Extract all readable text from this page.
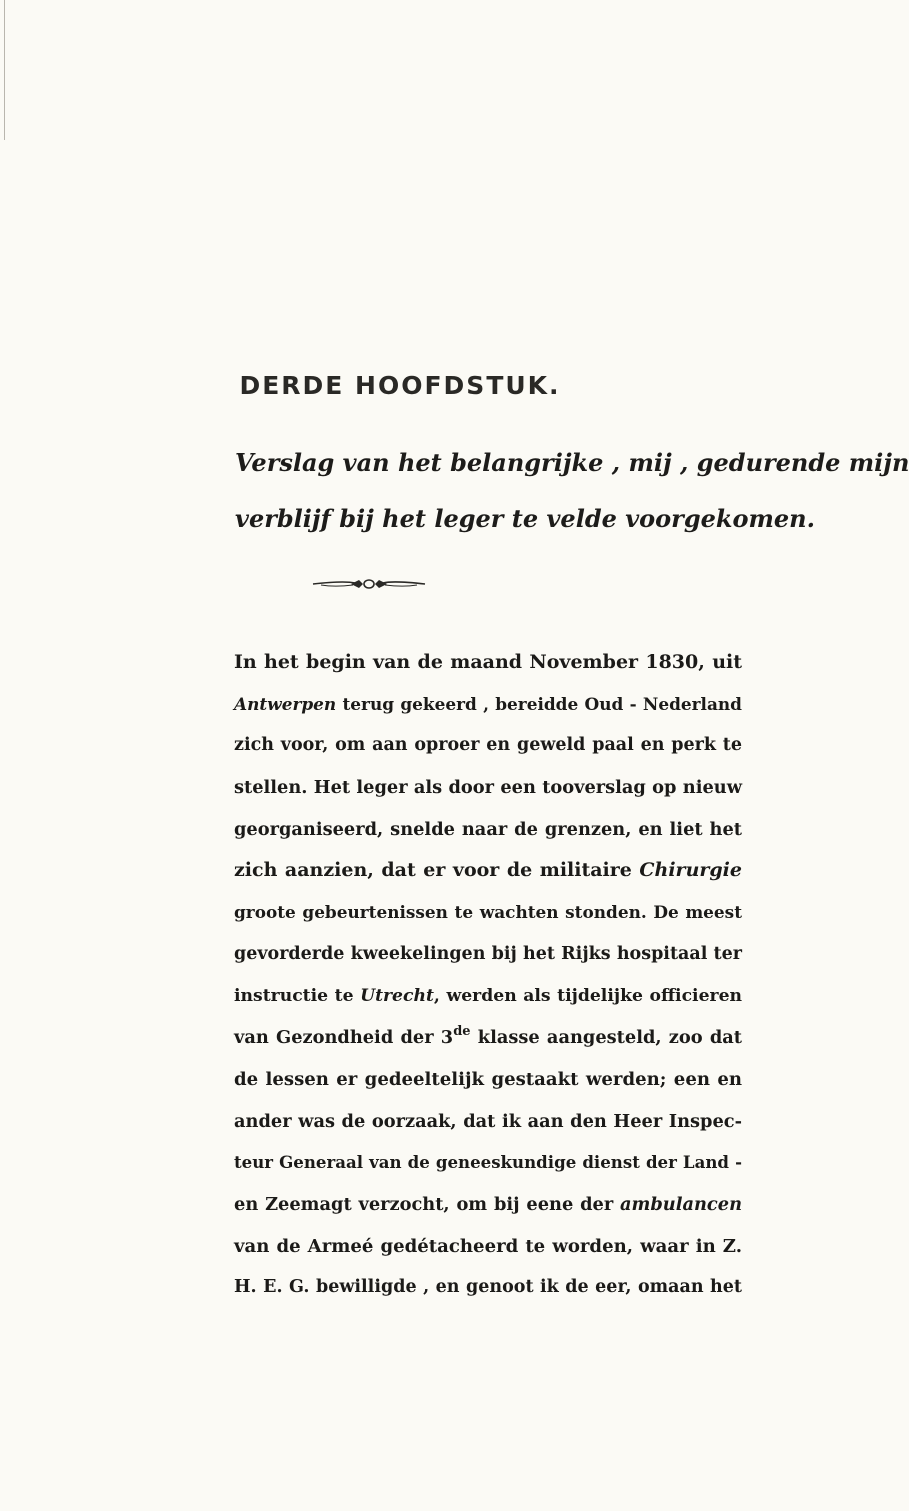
DERDE HOOFDSTUK.
Verslag van het belangrijke , mij , gedurende mijn
verblijf bij het leger te velde voorgekomen.
In het begin van de maand November 1830, uit
Antwerpen terug gekeerd , bereidde Oud - Nederland
zich voor, om aan oproer en geweld paal en perk te
stellen. Het leger als door een tooverslag op nieuw
georganiseerd, snelde naar de grenzen, en liet het
zich aanzien, dat er voor de militaire Chirurgie
groote gebeurtenissen te wachten stonden. De meest
gevorderde kweekelingen bij het Rijks hospitaal ter
instructie te Utrecht, werden als tijdelijke officieren
van Gezondheid der 3de klasse aangesteld, zoo dat
de lessen er gedeeltelijk gestaakt werden; een en
ander was de oorzaak, dat ik aan den Heer Inspec-
teur Generaal van de geneeskundige dienst der Land -
en Zeemagt verzocht, om bij eene der ambulancen
van de Armeé gedétacheerd te worden, waar in Z.
H. E. G. bewilligde , en genoot ik de eer, omaan het
